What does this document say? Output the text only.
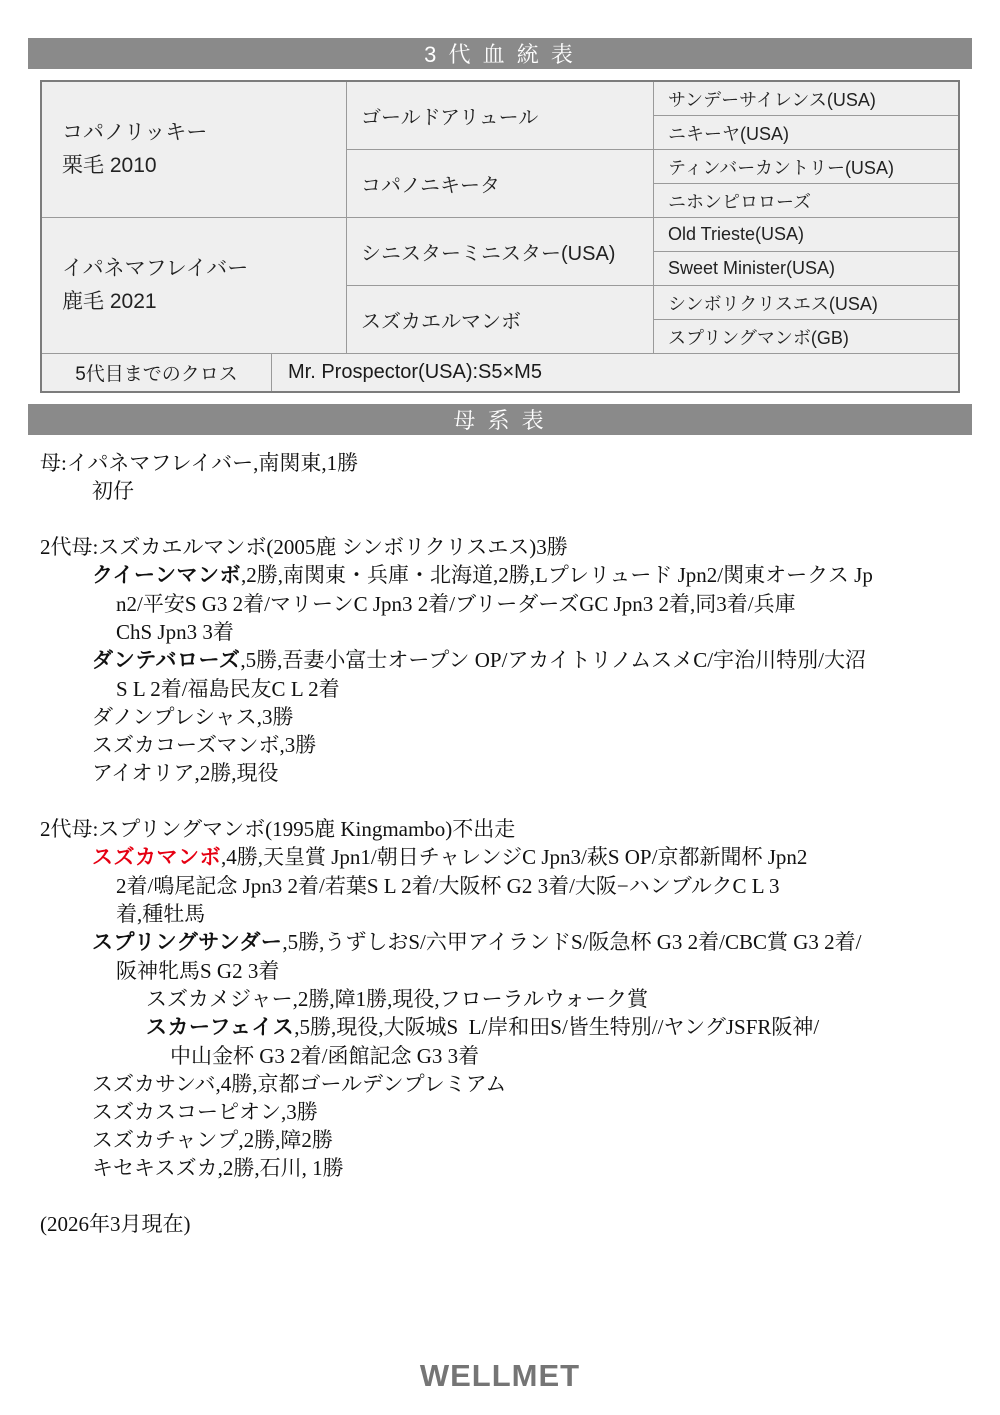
3 代 血 統 表
コパノリッキー
栗毛 2010
ゴールドアリュール
サンデーサイレンス(USA)
ニキーヤ(USA)
コパノニキータ
ティンバーカントリー(USA)
ニホンピロローズ
イパネマフレイバー
鹿毛 2021
シニスターミニスター(USA)
Old Trieste(USA)
Sweet Minister(USA)
スズカエルマンボ
シンボリクリスエス(USA)
スプリングマンボ(GB)
5代目までのクロス	Mr. Prospector(USA):S5×M5
母 系 表
母:イパネマフレイバー,南関東,1勝
初仔
2代母:スズカエルマンボ(2005鹿 シンボリクリスエス)3勝
クイーンマンボ,2勝,南関東・兵庫・北海道,2勝,Lプレリュード Jpn2/関東オークス Jp
n2/平安S G3 2着/マリーンC Jpn3 2着/ブリーダーズGC Jpn3 2着,同3着/兵庫
ChS Jpn3 3着
ダンテバローズ,5勝,吾妻小富士オープン OP/アカイトリノムスメC/宇治川特別/大沼
S L 2着/福島民友C L 2着
ダノンプレシャス,3勝
スズカコーズマンボ,3勝
アイオリア,2勝,現役
2代母:スプリングマンボ(1995鹿 Kingmambo)不出走
スズカマンボ,4勝,天皇賞 Jpn1/朝日チャレンジC Jpn3/萩S OP/京都新聞杯 Jpn2
2着/鳴尾記念 Jpn3 2着/若葉S L 2着/大阪杯 G2 3着/大阪−ハンブルクC L 3
着,種牡馬
スプリングサンダー,5勝,うずしおS/六甲アイランドS/阪急杯 G3 2着/CBC賞 G3 2着/
阪神牝馬S G2 3着
スズカメジャー,2勝,障1勝,現役,フローラルウォーク賞
スカーフェイス,5勝,現役,大阪城S  L/岸和田S/皆生特別//ヤングJSFR阪神/
中山金杯 G3 2着/函館記念 G3 3着
スズカサンバ,4勝,京都ゴールデンプレミアム
スズカスコーピオン,3勝
スズカチャンプ,2勝,障2勝
キセキスズカ,2勝,石川, 1勝
(2026年3月現在)
WELLMET
